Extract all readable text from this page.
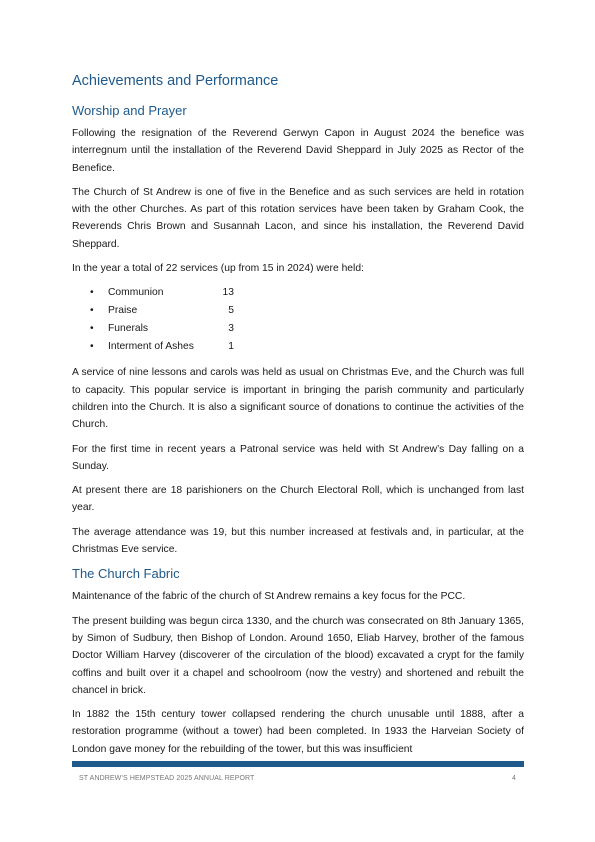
Achievements and Performance
Worship and Prayer

Following the resignation of the Reverend Gerwyn Capon in August 2024 the benefice was interregnum until the installation of the Reverend David Sheppard in July 2025 as Rector of the Benefice.

The Church of St Andrew is one of five in the Benefice and as such services are held in rotation with the other Churches. As part of this rotation services have been taken by Graham Cook, the Reverends Chris Brown and Susannah Lacon, and since his installation, the Reverend David Sheppard.

In the year a total of 22 services (up from 15 in 2024) were held:

•	Communion	13
•	Praise	5
•	Funerals	3
•	Interment of Ashes	1

A service of nine lessons and carols was held as usual on Christmas Eve, and the Church was full to capacity. This popular service is important in bringing the parish community and particularly children into the Church. It is also a significant source of donations to continue the activities of the Church.

For the first time in recent years a Patronal service was held with St Andrew’s Day falling on a Sunday.

At present there are 18 parishioners on the Church Electoral Roll, which is unchanged from last year.

The average attendance was 19, but this number increased at festivals and, in particular, at the Christmas Eve service.

The Church Fabric

Maintenance of the fabric of the church of St Andrew remains a key focus for the PCC.

The present building was begun circa 1330, and the church was consecrated on 8th January 1365, by Simon of Sudbury, then Bishop of London. Around 1650, Eliab Harvey, brother of the famous Doctor William Harvey (discoverer of the circulation of the blood) excavated a crypt for the family coffins and built over it a chapel and schoolroom (now the vestry) and shortened and rebuilt the chancel in brick.

In 1882 the 15th century tower collapsed rendering the church unusable until 1888, after a restoration programme (without a tower) had been completed. In 1933 the Harveian Society of London gave money for the rebuilding of the tower, but this was insufficient

ST ANDREW’S HEMPSTEAD 2025 ANNUAL REPORT	4
